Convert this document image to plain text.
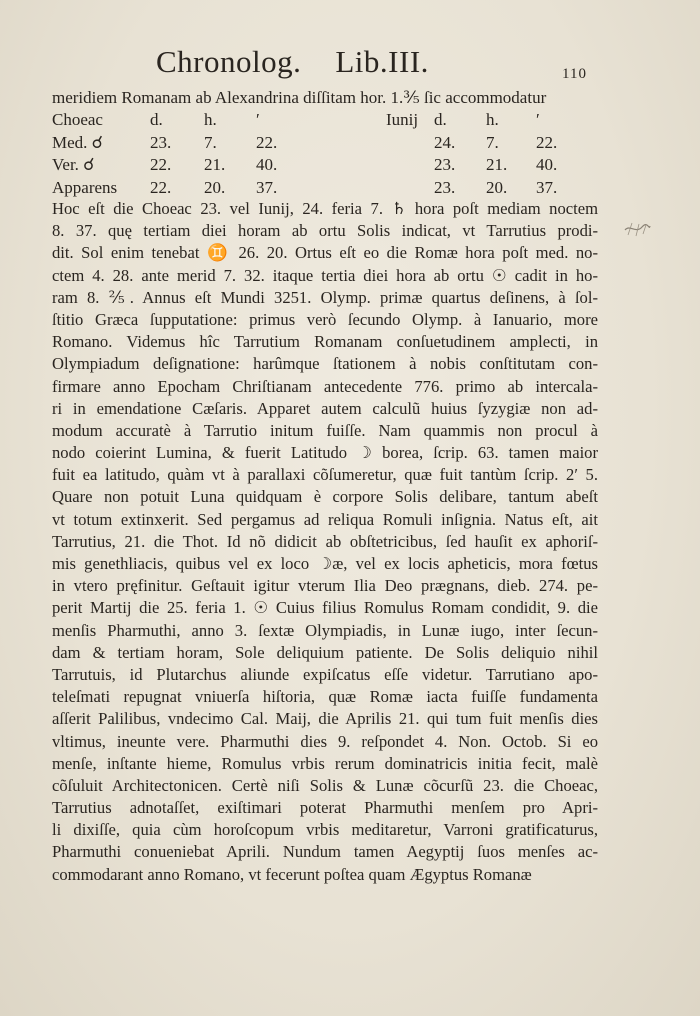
Chronolog. Lib.III.	110
meridiem Romanam ab Alexandrina diſſitam hor. 1.⅗ ſic accommodatur
Choeac	d.	h.	ʹ	Iunij	d.	h.	ʹ
Med. ☌	23.	7.	22.		24.	7.	22.
Ver. ☌	22.	21.	40.		23.	21.	40.
Apparens	22.	20.	37.		23.	20.	37.
Hoc eſt die Choeac 23. vel Iunij, 24. feria 7. ♄ hora poſt mediam noctem
8. 37. quę tertiam diei horam ab ortu Solis indicat, vt Tarrutius prodi-
dit. Sol enim tenebat ♊ 26. 20. Ortus eſt eo die Romæ hora poſt med. no-
ctem 4. 28. ante merid 7. 32. itaque tertia diei hora ab ortu ☉ cadit in ho-
ram 8. ⅖. Annus eſt Mundi 3251. Olymp. primæ quartus deſinens, à ſol-
ſtitio Græca ſupputatione: primus verò ſecundo Olymp. à Ianuario, more
Romano. Videmus hîc Tarrutium Romanam conſuetudinem amplecti, in
Olympiadum deſignatione: harûmque ſtationem à nobis conſtitutam con-
firmare anno Epocham Chriſtianam antecedente 776. primo ab intercala-
ri in emendatione Cæſaris. Apparet autem calculũ huius ſyzygiæ non ad-
modum accuratè à Tarrutio initum fuiſſe. Nam quammis non procul à
nodo coierint Lumina, & fuerit Latitudo ☽ borea, ſcrip. 63. tamen maior
fuit ea latitudo, quàm vt à parallaxi cõſumeretur, quæ fuit tantùm ſcrip. 2ʹ 5.
Quare non potuit Luna quidquam è corpore Solis delibare, tantum abeſt
vt totum extinxerit. Sed pergamus ad reliqua Romuli inſignia. Natus eſt, ait
Tarrutius, 21. die Thot. Id nõ didicit ab obſtetricibus, ſed hauſit ex aphoriſ-
mis genethliacis, quibus vel ex loco ☽æ, vel ex locis apheticis, mora fœtus
in vtero pręfinitur. Geſtauit igitur vterum Ilia Deo prægnans, dieb. 274. pe-
perit Martij die 25. feria 1. ☉ Cuius filius Romulus Romam condidit, 9. die
menſis Pharmuthi, anno 3. ſextæ Olympiadis, in Lunæ iugo, inter ſecun-
dam & tertiam horam, Sole deliquium patiente. De Solis deliquio nihil
Tarrutuis, id Plutarchus aliunde expiſcatus eſſe videtur. Tarrutiano apo-
teleſmati repugnat vniuerſa hiſtoria, quæ Romæ iacta fuiſſe fundamenta
aſſerit Palilibus, vndecimo Cal. Maij, die Aprilis 21. qui tum fuit menſis dies
vltimus, ineunte vere. Pharmuthi dies 9. reſpondet 4. Non. Octob. Si eo
menſe, inſtante hieme, Romulus vrbis rerum dominatricis initia fecit, malè
cõſuluit Architectonicen. Certè niſi Solis & Lunæ cõcurſũ 23. die Choeac,
Tarrutius adnotaſſet, exiſtimari poterat Pharmuthi menſem pro Apri-
li dixiſſe, quia cùm horoſcopum vrbis meditaretur, Varroni gratificaturus,
Pharmuthi conueniebat Aprili. Nundum tamen Aegyptij ſuos menſes ac-
commodarant anno Romano, vt fecerunt poſtea quam Ægyptus Romanæ
